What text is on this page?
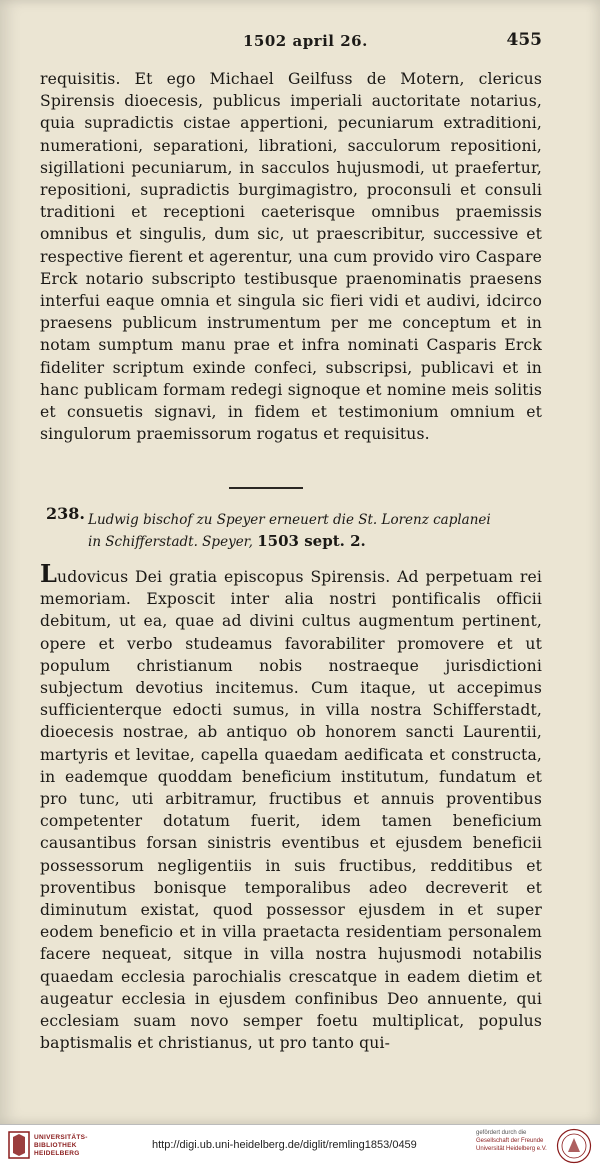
1502 april 26.	455
requisitis. Et ego Michael Geilfuss de Motern, clericus Spirensis dioecesis, publicus imperiali auctoritate notarius, quia supradictis cistae appertioni, pecuniarum extraditioni, numerationi, separationi, librationi, sacculorum repositioni, sigillationi pecuniarum, in sacculos hujusmodi, ut praefertur, repositioni, supradictis burgimagistro, proconsuli et consuli traditioni et receptioni caeterisque omnibus praemissis omnibus et singulis, dum sic, ut praescribitur, successive et respective fierent et agerentur, una cum provido viro Caspare Erck notario subscripto testibusque praenominatis praesens interfui eaque omnia et singula sic fieri vidi et audivi, idcirco praesens publicum instrumentum per me conceptum et in notam sumptum manu prae et infra nominati Casparis Erck fideliter scriptum exinde confeci, subscripsi, publicavi et in hanc publicam formam redegi signoque et nomine meis solitis et consuetis signavi, in fidem et testimonium omnium et singulorum praemissorum rogatus et requisitus.
238. Ludwig bischof zu Speyer erneuert die St. Lorenz caplanei
in Schifferstadt. Speyer, 1503 sept. 2.
Ludovicus Dei gratia episcopus Spirensis. Ad perpetuam rei memoriam. Exposcit inter alia nostri pontificalis officii debitum, ut ea, quae ad divini cultus augmentum pertinent, opere et verbo studeamus favorabiliter promovere et ut populum christianum nobis nostraeque jurisdictioni subjectum devotius incitemus. Cum itaque, ut accepimus sufficienterque edocti sumus, in villa nostra Schifferstadt, dioecesis nostrae, ab antiquo ob honorem sancti Laurentii, martyris et levitae, capella quaedam aedificata et constructa, in eademque quoddam beneficium institutum, fundatum et pro tunc, uti arbitramur, fructibus et annuis proventibus competenter dotatum fuerit, idem tamen beneficium causantibus forsan sinistris eventibus et ejusdem beneficii possessorum negligentiis in suis fructibus, redditibus et proventibus bonisque temporalibus adeo decreverit et diminutum existat, quod possessor ejusdem in et super eodem beneficio et in villa praetacta residentiam personalem facere nequeat, sitque in villa nostra hujusmodi notabilis quaedam ecclesia parochialis crescatque in eadem dietim et augeatur ecclesia in ejusdem confinibus Deo annuente, qui ecclesiam suam novo semper foetu multiplicat, populus baptismalis et christianus, ut pro tanto qui-
UNIVERSITÄTS-
BIBLIOTHEK
HEIDELBERG
http://digi.ub.uni-heidelberg.de/diglit/remling1853/0459
gefördert durch die
Gesellschaft der Freunde
Universität Heidelberg e.V.
